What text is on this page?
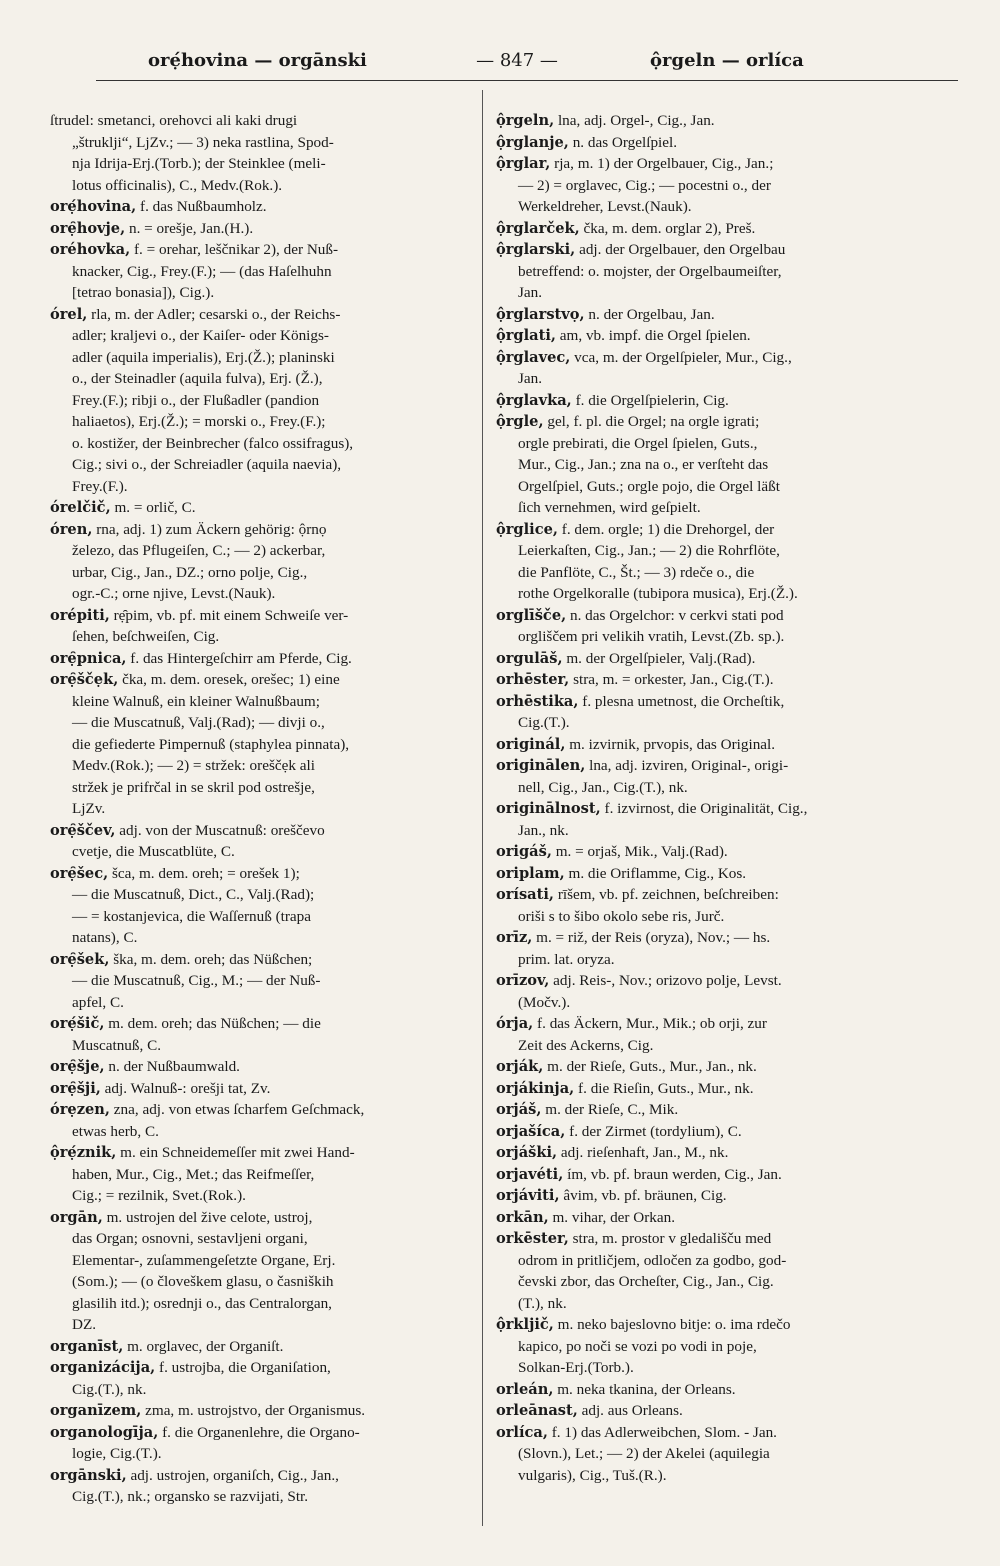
orẹ́hovina — orgānski	— 847 —	ộrgeln — orlíca
ſtrudel: smetanci, orehovci ali kaki drugi
„štruklji“, LjZv.; — 3) neka rastlina, Spod-
nja Idrija-Erj.(Torb.); der Steinklee (meli-
lotus officinalis), C., Medv.(Rok.).
orẹ́hovina, f. das Nußbaumholz.
orẹ̑hovje, n. = orešje, Jan.(H.).
oréhovka, f. = orehar, leščnikar 2), der Nuß-
knacker, Cig., Frey.(F.); — (das Haſelhuhn
[tetrao bonasia]), Cig.).
órel, rla, m. der Adler; cesarski o., der Reichs-
adler; kraljevi o., der Kaiſer- oder Königs-
adler (aquila imperialis), Erj.(Ž.); planinski
o., der Steinadler (aquila fulva), Erj. (Ž.),
Frey.(F.); ribji o., der Flußadler (pandion
haliaetos), Erj.(Ž.); = morski o., Frey.(F.);
o. kostižer, der Beinbrecher (falco ossifragus),
Cig.; sivi o., der Schreiadler (aquila naevia),
Frey.(F.).
órelčič, m. = orlič, C.
óren, rna, adj. 1) zum Äckern gehörig: ộrnọ
železo, das Pflugeiſen, C.; — 2) ackerbar,
urbar, Cig., Jan., DZ.; orno polje, Cig.,
ogr.-C.; orne njive, Levst.(Nauk).
orépiti, rẹ̑pim, vb. pf. mit einem Schweiſe ver-
ſehen, beſchweiſen, Cig.
orẹ̑pnica, f. das Hintergeſchirr am Pferde, Cig.
orẹ̑ščẹk, čka, m. dem. oresek, orešec; 1) eine
kleine Walnuß, ein kleiner Walnußbaum;
— die Muscatnuß, Valj.(Rad); — divji o.,
die gefiederte Pimpernuß (staphylea pinnata),
Medv.(Rok.); — 2) = stržek: oreščẹk ali
stržek je prifrčal in se skril pod ostrešje,
LjZv.
orẹ̑ščev, adj. von der Muscatnuß: oreščevo
cvetje, die Muscatblüte, C.
orẹ̑šec, šca, m. dem. oreh; = orešek 1);
— die Muscatnuß, Dict., C., Valj.(Rad);
— = kostanjevica, die Waſſernuß (trapa
natans), C.
orẹ̑šek, ška, m. dem. oreh; das Nüßchen;
— die Muscatnuß, Cig., M.; — der Nuß-
apfel, C.
orẹ́šič, m. dem. oreh; das Nüßchen; — die
Muscatnuß, C.
orẹ̑šje, n. der Nußbaumwald.
orẹ̑šji, adj. Walnuß-: orešji tat, Zv.
órẹzen, zna, adj. von etwas ſcharfem Geſchmack,
etwas herb, C.
ộrẹ́znik, m. ein Schneidemeſſer mit zwei Hand-
haben, Mur., Cig., Met.; das Reifmeſſer,
Cig.; = rezilnik, Svet.(Rok.).
orgān, m. ustrojen del žive celote, ustroj,
das Organ; osnovni, sestavljeni organi,
Elementar-, zuſammengeſetzte Organe, Erj.
(Som.); — (o človeškem glasu, o časniških
glasilih itd.); osrednji o., das Centralorgan,
DZ.
organīst, m. orglavec, der Organiſt.
organizácija, f. ustrojba, die Organiſation,
Cig.(T.), nk.
organīzem, zma, m. ustrojstvo, der Organismus.
organologīja, f. die Organenlehre, die Organo-
logie, Cig.(T.).
orgānski, adj. ustrojen, organiſch, Cig., Jan.,
Cig.(T.), nk.; organsko se razvijati, Str.
ộrgeln, lna, adj. Orgel-, Cig., Jan.
ộrglanje, n. das Orgelſpiel.
ộrglar, rja, m. 1) der Orgelbauer, Cig., Jan.;
— 2) = orglavec, Cig.; — pocestni o., der
Werkeldreher, Levst.(Nauk).
ộrglarček, čka, m. dem. orglar 2), Preš.
ộrglarski, adj. der Orgelbauer, den Orgelbau
betreffend: o. mojster, der Orgelbaumeiſter,
Jan.
ộrglarstvọ, n. der Orgelbau, Jan.
ộrglati, am, vb. impf. die Orgel ſpielen.
ộrglavec, vca, m. der Orgelſpieler, Mur., Cig.,
Jan.
ộrglavka, f. die Orgelſpielerin, Cig.
ộrgle, gel, f. pl. die Orgel; na orgle igrati;
orgle prebirati, die Orgel ſpielen, Guts.,
Mur., Cig., Jan.; zna na o., er verſteht das
Orgelſpiel, Guts.; orgle pojo, die Orgel läßt
ſich vernehmen, wird geſpielt.
ộrglice, f. dem. orgle; 1) die Drehorgel, der
Leierkaſten, Cig., Jan.; — 2) die Rohrflöte,
die Panflöte, C., Št.; — 3) rdeče o., die
rothe Orgelkoralle (tubipora musica), Erj.(Ž.).
orglīšče, n. das Orgelchor: v cerkvi stati pod
orgliščem pri velikih vratih, Levst.(Zb. sp.).
orgulāš, m. der Orgelſpieler, Valj.(Rad).
orhēster, stra, m. = orkester, Jan., Cig.(T.).
orhēstika, f. plesna umetnost, die Orcheſtik,
Cig.(T.).
originál, m. izvirnik, prvopis, das Original.
originālen, lna, adj. izviren, Original-, origi-
nell, Cig., Jan., Cig.(T.), nk.
originālnost, f. izvirnost, die Originalität, Cig.,
Jan., nk.
origáš, m. = orjaš, Mik., Valj.(Rad).
oriplam, m. die Oriflamme, Cig., Kos.
orísati, rīšem, vb. pf. zeichnen, beſchreiben:
oriši s to šibo okolo sebe ris, Jurč.
orīz, m. = riž, der Reis (oryza), Nov.; — hs.
prim. lat. oryza.
orīzov, adj. Reis-, Nov.; orizovo polje, Levst.
(Močv.).
órja, f. das Äckern, Mur., Mik.; ob orji, zur
Zeit des Ackerns, Cig.
orják, m. der Rieſe, Guts., Mur., Jan., nk.
orjákinja, f. die Rieſin, Guts., Mur., nk.
orjáš, m. der Rieſe, C., Mik.
orjašíca, f. der Zirmet (tordylium), C.
orjáški, adj. rieſenhaft, Jan., M., nk.
orjavéti, ím, vb. pf. braun werden, Cig., Jan.
orjáviti, âvim, vb. pf. bräunen, Cig.
orkān, m. vihar, der Orkan.
orkēster, stra, m. prostor v gledališču med
odrom in pritličjem, odločen za godbo, god-
čevski zbor, das Orcheſter, Cig., Jan., Cig.
(T.), nk.
ộrkljič, m. neko bajeslovno bitje: o. ima rdečo
kapico, po noči se vozi po vodi in poje,
Solkan-Erj.(Torb.).
orleán, m. neka tkanina, der Orleans.
orleānast, adj. aus Orleans.
orlíca, f. 1) das Adlerweibchen, Slom. - Jan.
(Slovn.), Let.; — 2) der Akelei (aquilegia
vulgaris), Cig., Tuš.(R.).
